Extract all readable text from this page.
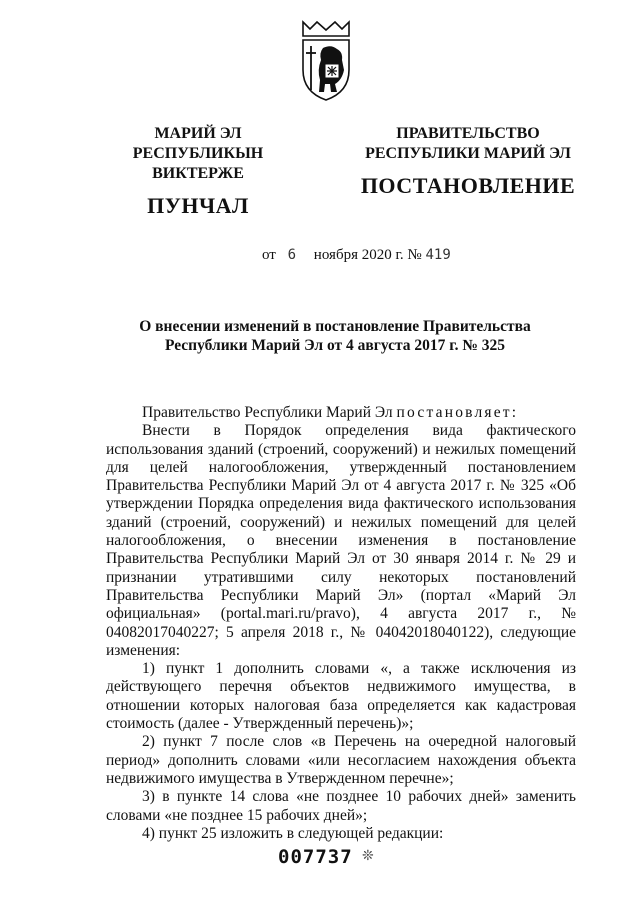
МАРИЙ ЭЛ РЕСПУБЛИКЫН
ВИКТЕРЖЕ
ПУНЧАЛ
ПРАВИТЕЛЬСТВО
РЕСПУБЛИКИ МАРИЙ ЭЛ
ПОСТАНОВЛЕНИЕ
от 6 ноября 2020 г. № 419
О внесении изменений в постановление Правительства
Республики Марий Эл от 4 августа 2017 г. № 325

Правительство Республики Марий Эл постановляет:

Внести в Порядок определения вида фактического использования зданий (строений, сооружений) и нежилых помещений для целей налогообложения, утвержденный постановлением Правительства Республики Марий Эл от 4 августа 2017 г. № 325 «Об утверждении Порядка определения вида фактического использования зданий (строений, сооружений) и нежилых помещений для целей налогообложения, о внесении изменения в постановление Правительства Республики Марий Эл от 30 января 2014 г. № 29 и признании утратившими силу некоторых постановлений Правительства Республики Марий Эл» (портал «Марий Эл официальная» (portal.mari.ru/pravo), 4 августа 2017 г., № 04082017040227; 5 апреля 2018 г., № 04042018040122), следующие изменения:

1) пункт 1 дополнить словами «, а также исключения из действующего перечня объектов недвижимого имущества, в отношении которых налоговая база определяется как кадастровая стоимость (далее - Утвержденный перечень)»;

2) пункт 7 после слов «в Перечень на очередной налоговый период» дополнить словами «или несогласием нахождения объекта недвижимого имущества в Утвержденном перечне»;

3) в пункте 14 слова «не позднее 10 рабочих дней» заменить словами «не позднее 15 рабочих дней»;

4) пункт 25 изложить в следующей редакции:

007737 ❊
